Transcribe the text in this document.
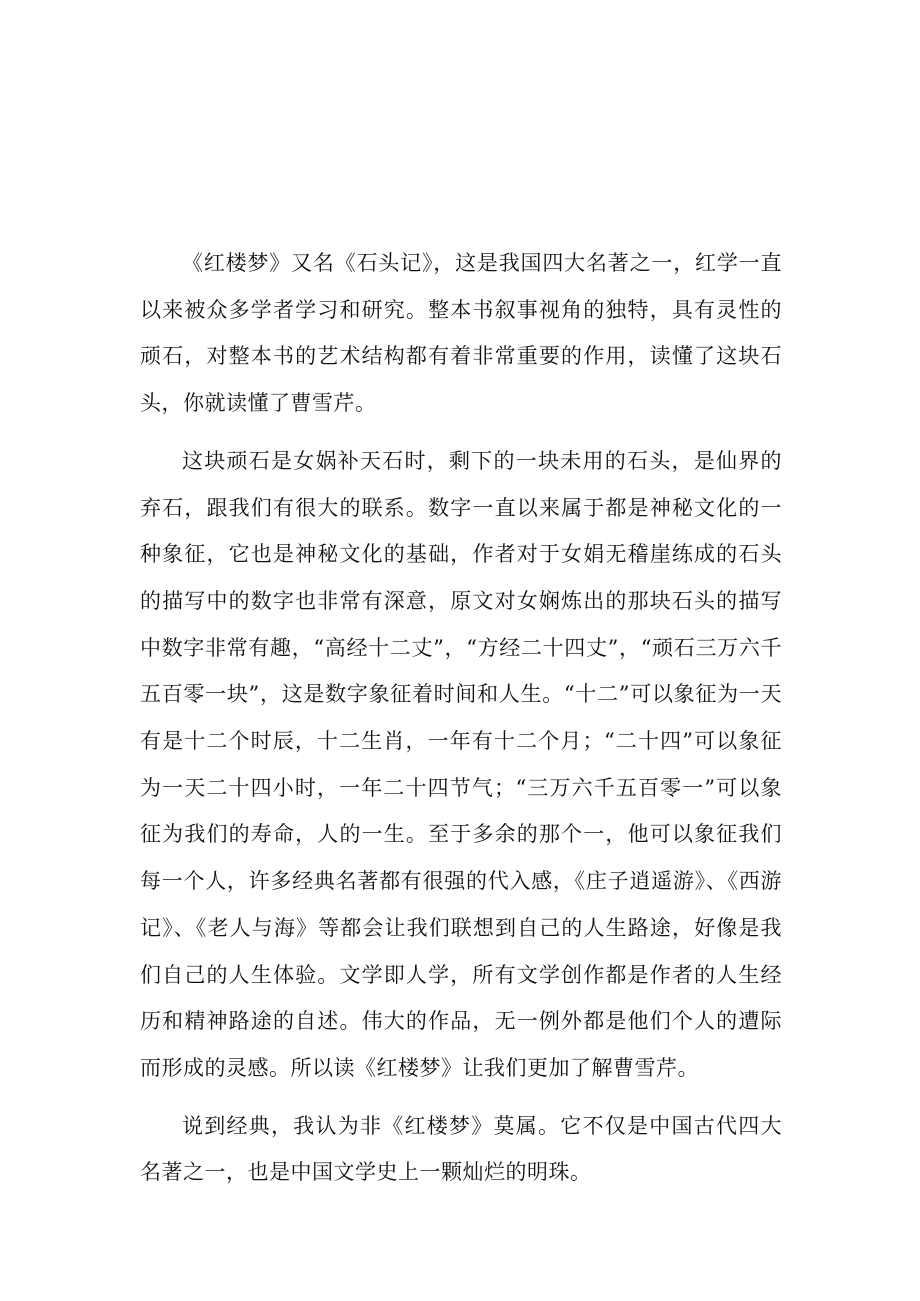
《红楼梦》又名《石头记》，这是我国四大名著之一，红学一直以来被众多学者学习和研究。整本书叙事视角的独特，具有灵性的顽石，对整本书的艺术结构都有着非常重要的作用，读懂了这块石头，你就读懂了曹雪芹。

这块顽石是女娲补天石时，剩下的一块未用的石头，是仙界的弃石，跟我们有很大的联系。数字一直以来属于都是神秘文化的一种象征，它也是神秘文化的基础，作者对于女娟无稽崖练成的石头的描写中的数字也非常有深意，原文对女娴炼出的那块石头的描写中数字非常有趣，“高经十二丈”，“方经二十四丈”，“顽石三万六千五百零一块”，这是数字象征着时间和人生。“十二”可以象征为一天有是十二个时辰，十二生肖，一年有十二个月；“二十四”可以象征为一天二十四小时，一年二十四节气；“三万六千五百零一”可以象征为我们的寿命，人的一生。至于多余的那个一，他可以象征我们每一个人，许多经典名著都有很强的代入感，《庄子逍遥游》、《西游记》、《老人与海》等都会让我们联想到自己的人生路途，好像是我们自己的人生体验。文学即人学，所有文学创作都是作者的人生经历和精神路途的自述。伟大的作品，无一例外都是他们个人的遭际而形成的灵感。所以读《红楼梦》让我们更加了解曹雪芹。

说到经典，我认为非《红楼梦》莫属。它不仅是中国古代四大名著之一，也是中国文学史上一颗灿烂的明珠。
